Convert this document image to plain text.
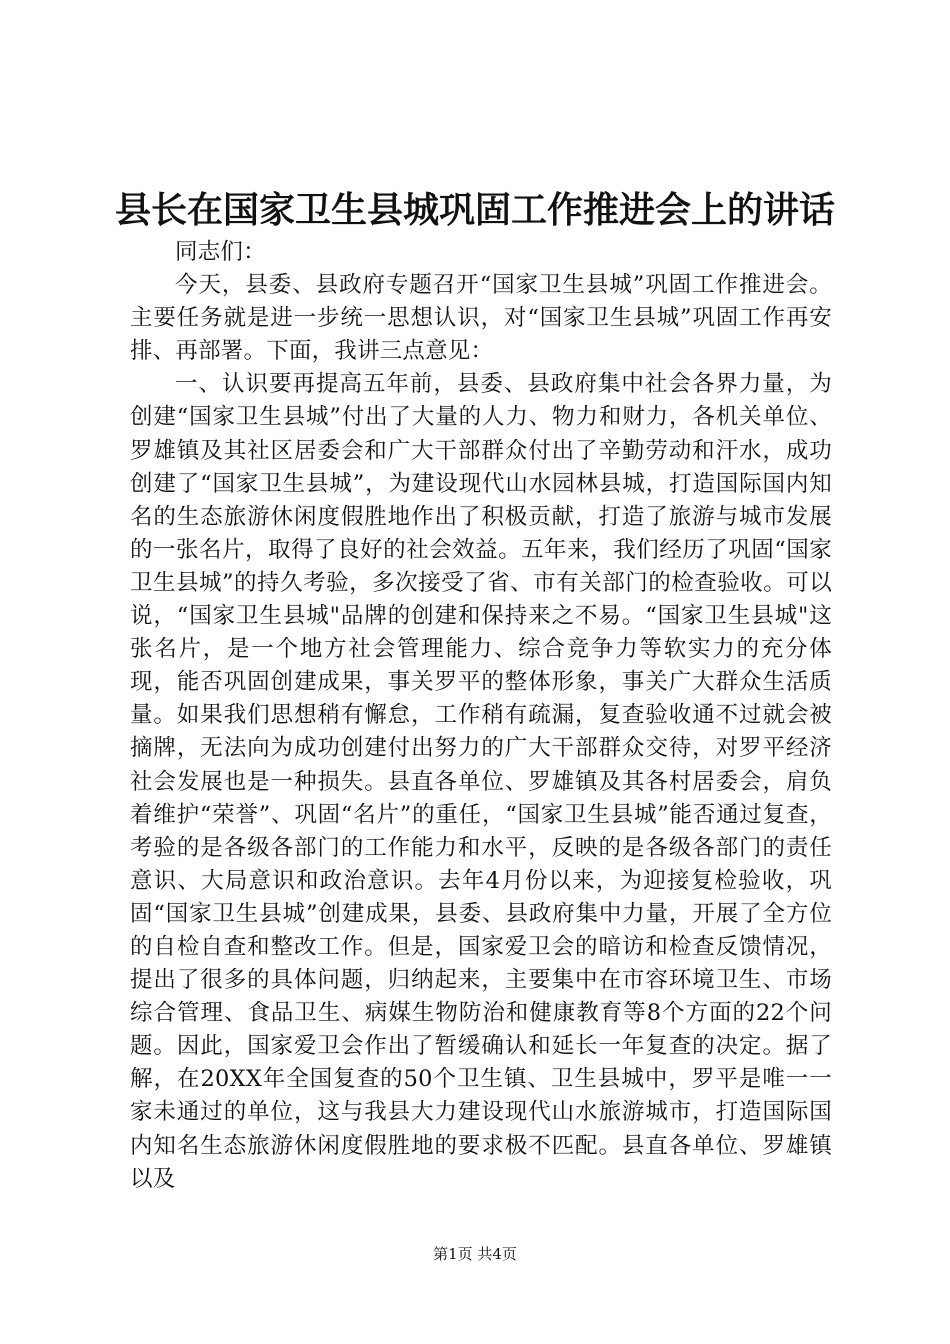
县长在国家卫生县城巩固工作推进会上的讲话

同志们：

今天，县委、县政府专题召开“国家卫生县城”巩固工作推进会。主要任务就是进一步统一思想认识，对“国家卫生县城”巩固工作再安排、再部署。下面，我讲三点意见：

一、认识要再提高五年前，县委、县政府集中社会各界力量，为创建“国家卫生县城”付出了大量的人力、物力和财力，各机关单位、罗雄镇及其社区居委会和广大干部群众付出了辛勤劳动和汗水，成功创建了“国家卫生县城”，为建设现代山水园林县城，打造国际国内知名的生态旅游休闲度假胜地作出了积极贡献，打造了旅游与城市发展的一张名片，取得了良好的社会效益。五年来，我们经历了巩固“国家卫生县城”的持久考验，多次接受了省、市有关部门的检查验收。可以说，“国家卫生县城"品牌的创建和保持来之不易。“国家卫生县城"这张名片，是一个地方社会管理能力、综合竞争力等软实力的充分体现，能否巩固创建成果，事关罗平的整体形象，事关广大群众生活质量。如果我们思想稍有懈怠，工作稍有疏漏，复查验收通不过就会被摘牌，无法向为成功创建付出努力的广大干部群众交待，对罗平经济社会发展也是一种损失。县直各单位、罗雄镇及其各村居委会，肩负着维护“荣誉”、巩固“名片”的重任，“国家卫生县城”能否通过复查，考验的是各级各部门的工作能力和水平，反映的是各级各部门的责任意识、大局意识和政治意识。去年4月份以来，为迎接复检验收，巩固“国家卫生县城”创建成果，县委、县政府集中力量，开展了全方位的自检自查和整改工作。但是，国家爱卫会的暗访和检查反馈情况，提出了很多的具体问题，归纳起来，主要集中在市容环境卫生、市场综合管理、食品卫生、病媒生物防治和健康教育等8个方面的22个问题。因此，国家爱卫会作出了暂缓确认和延长一年复查的决定。据了解，在20XX年全国复查的50个卫生镇、卫生县城中，罗平是唯一一家未通过的单位，这与我县大力建设现代山水旅游城市，打造国际国内知名生态旅游休闲度假胜地的要求极不匹配。县直各单位、罗雄镇以及

第1页 共4页
